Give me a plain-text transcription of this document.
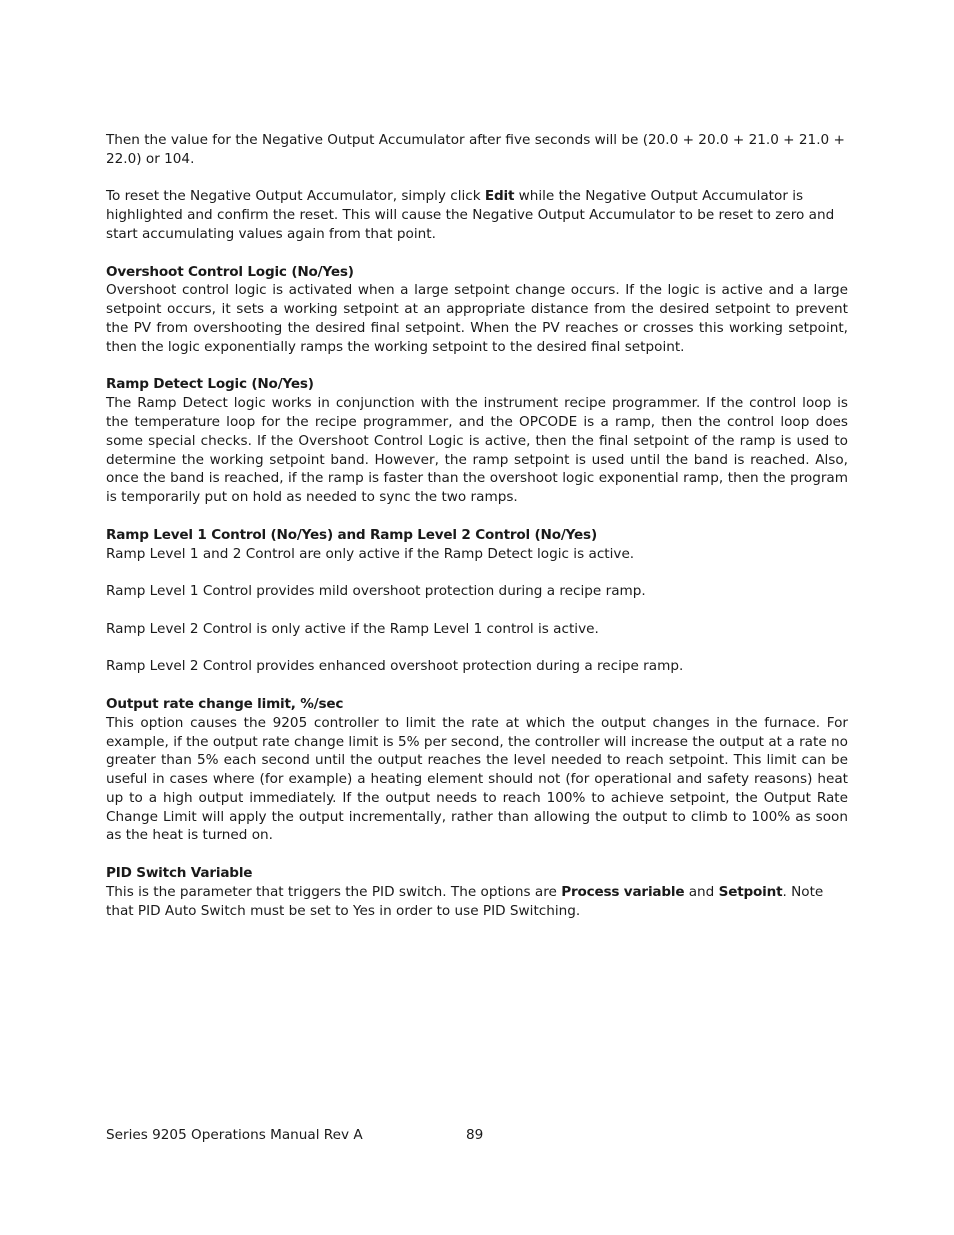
Then the value for the Negative Output Accumulator after five seconds will be (20.0 + 20.0 + 21.0 + 21.0 + 22.0) or 104.

To reset the Negative Output Accumulator, simply click Edit while the Negative Output Accumulator is highlighted and confirm the reset. This will cause the Negative Output Accumulator to be reset to zero and start accumulating values again from that point.

Overshoot Control Logic (No/Yes)
Overshoot control logic is activated when a large setpoint change occurs. If the logic is active and a large setpoint occurs, it sets a working setpoint at an appropriate distance from the desired setpoint to prevent the PV from overshooting the desired final setpoint. When the PV reaches or crosses this working setpoint, then the logic exponentially ramps the working setpoint to the desired final setpoint.

Ramp Detect Logic (No/Yes)
The Ramp Detect logic works in conjunction with the instrument recipe programmer. If the control loop is the temperature loop for the recipe programmer, and the OPCODE is a ramp, then the control loop does some special checks. If the Overshoot Control Logic is active, then the final setpoint of the ramp is used to determine the working setpoint band. However, the ramp setpoint is used until the band is reached. Also, once the band is reached, if the ramp is faster than the overshoot logic exponential ramp, then the program is temporarily put on hold as needed to sync the two ramps.

Ramp Level 1 Control (No/Yes) and Ramp Level 2 Control (No/Yes)
Ramp Level 1 and 2 Control are only active if the Ramp Detect logic is active.

Ramp Level 1 Control provides mild overshoot protection during a recipe ramp.

Ramp Level 2 Control is only active if the Ramp Level 1 control is active.

Ramp Level 2 Control provides enhanced overshoot protection during a recipe ramp.

Output rate change limit, %/sec
This option causes the 9205 controller to limit the rate at which the output changes in the furnace. For example, if the output rate change limit is 5% per second, the controller will increase the output at a rate no greater than 5% each second until the output reaches the level needed to reach setpoint. This limit can be useful in cases where (for example) a heating element should not (for operational and safety reasons) heat up to a high output immediately. If the output needs to reach 100% to achieve setpoint, the Output Rate Change Limit will apply the output incrementally, rather than allowing the output to climb to 100% as soon as the heat is turned on.

PID Switch Variable
This is the parameter that triggers the PID switch. The options are Process variable and Setpoint. Note that PID Auto Switch must be set to Yes in order to use PID Switching.

Series 9205 Operations Manual Rev A	89
